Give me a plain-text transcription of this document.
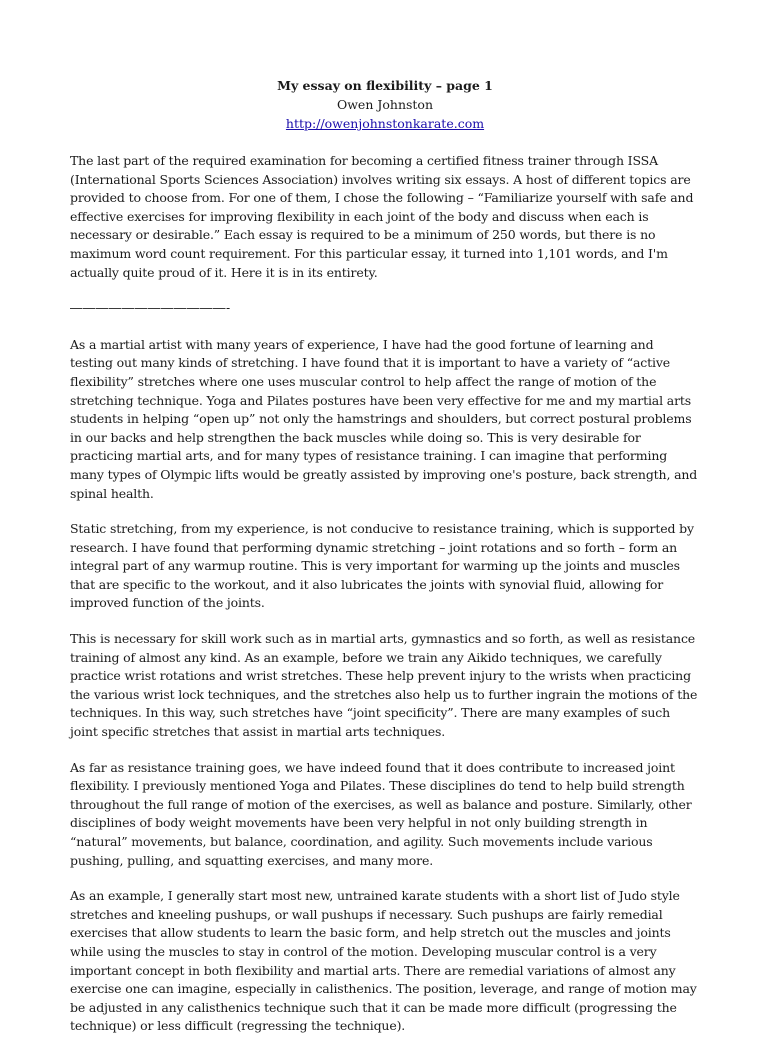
My essay on flexibility – page 1
Owen Johnston
http://owenjohnstonkarate.com

The last part of the required examination for becoming a certified fitness trainer through ISSA (International Sports Sciences Association) involves writing six essays. A host of different topics are provided to choose from. For one of them, I chose the following – “Familiarize yourself with safe and effective exercises for improving flexibility in each joint of the body and discuss when each is necessary or desirable.” Each essay is required to be a minimum of 250 words, but there is no maximum word count requirement. For this particular essay, it turned into 1,101 words, and I'm actually quite proud of it. Here it is in its entirety.

————————————-

As a martial artist with many years of experience, I have had the good fortune of learning and testing out many kinds of stretching. I have found that it is important to have a variety of “active flexibility” stretches where one uses muscular control to help affect the range of motion of the stretching technique. Yoga and Pilates postures have been very effective for me and my martial arts students in helping “open up” not only the hamstrings and shoulders, but correct postural problems in our backs and help strengthen the back muscles while doing so. This is very desirable for practicing martial arts, and for many types of resistance training. I can imagine that performing many types of Olympic lifts would be greatly assisted by improving one's posture, back strength, and spinal health.

Static stretching, from my experience, is not conducive to resistance training, which is supported by research. I have found that performing dynamic stretching – joint rotations and so forth – form an integral part of any warmup routine. This is very important for warming up the joints and muscles that are specific to the workout, and it also lubricates the joints with synovial fluid, allowing for improved function of the joints.

This is necessary for skill work such as in martial arts, gymnastics and so forth, as well as resistance training of almost any kind. As an example, before we train any Aikido techniques, we carefully practice wrist rotations and wrist stretches. These help prevent injury to the wrists when practicing the various wrist lock techniques, and the stretches also help us to further ingrain the motions of the techniques. In this way, such stretches have “joint specificity”. There are many examples of such joint specific stretches that assist in martial arts techniques.

As far as resistance training goes, we have indeed found that it does contribute to increased joint flexibility. I previously mentioned Yoga and Pilates. These disciplines do tend to help build strength throughout the full range of motion of the exercises, as well as balance and posture. Similarly, other disciplines of body weight movements have been very helpful in not only building strength in “natural” movements, but balance, coordination, and agility. Such movements include various pushing, pulling, and squatting exercises, and many more.

As an example, I generally start most new, untrained karate students with a short list of Judo style stretches and kneeling pushups, or wall pushups if necessary. Such pushups are fairly remedial exercises that allow students to learn the basic form, and help stretch out the muscles and joints while using the muscles to stay in control of the motion. Developing muscular control is a very important concept in both flexibility and martial arts. There are remedial variations of almost any exercise one can imagine, especially in calisthenics. The position, leverage, and range of motion may be adjusted in any calisthenics technique such that it can be made more difficult (progressing the technique) or less difficult (regressing the technique).
